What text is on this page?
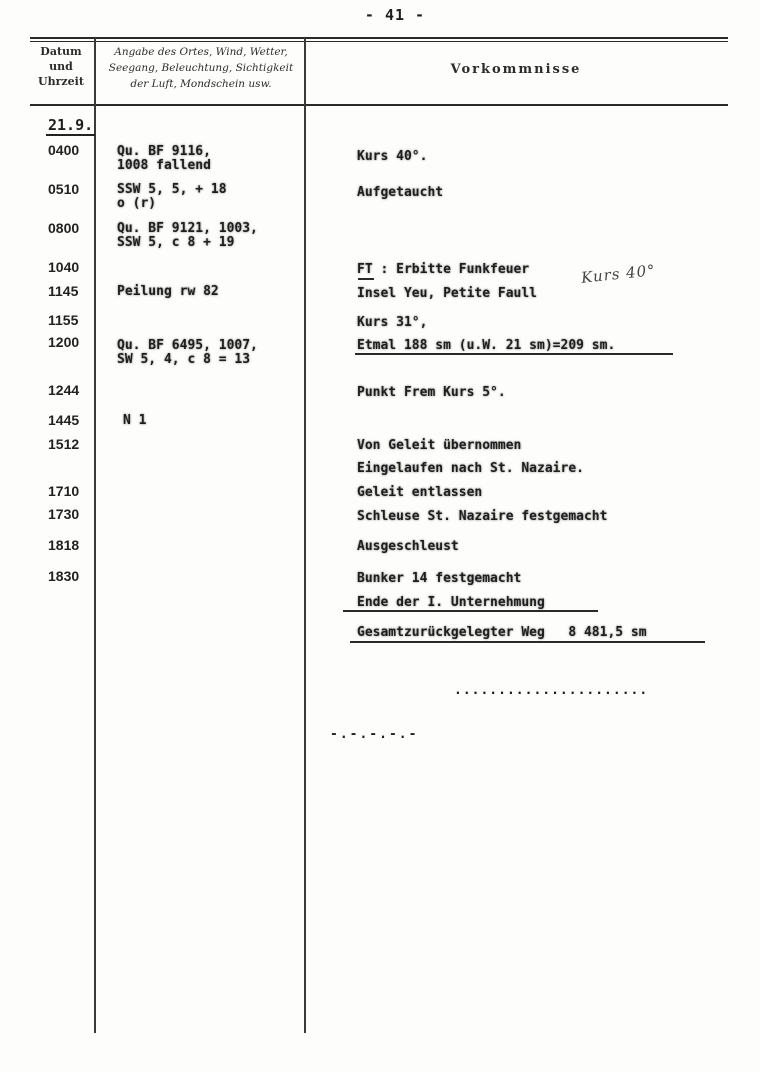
- 41 -
Datum
und
Uhrzeit
Angabe des Ortes, Wind, Wetter,
Seegang, Beleuchtung, Sichtigkeit
der Luft, Mondschein usw.
Vorkommnisse
21.9.
0400
0510
0800
1040
1145
1155
1200
1244
1445
1512
1710
1730
1818
1830
Qu. BF 9116,
1008 fallend
SSW 5, 5, + 18
o (r)
Qu. BF 9121, 1003,
SSW 5, c 8 + 19
Peilung rw 82
Qu. BF 6495, 1007,
SW 5, 4, c 8 = 13
N 1
Kurs 40°.
Aufgetaucht
FT : Erbitte Funkfeuer
Insel Yeu, Petite Faull
Kurs 31°,
Etmal 188 sm (u.W. 21 sm)=209 sm.
Punkt Frem Kurs 5°.
Von Geleit übernommen
Eingelaufen nach St. Nazaire.
Geleit entlassen
Schleuse St. Nazaire festgemacht
Ausgeschleust
Bunker 14 festgemacht
Ende der I. Unternehmung
Gesamtzurückgelegter Weg   8 481,5 sm
Kurs 40°
......................
-.-.-.-.-
